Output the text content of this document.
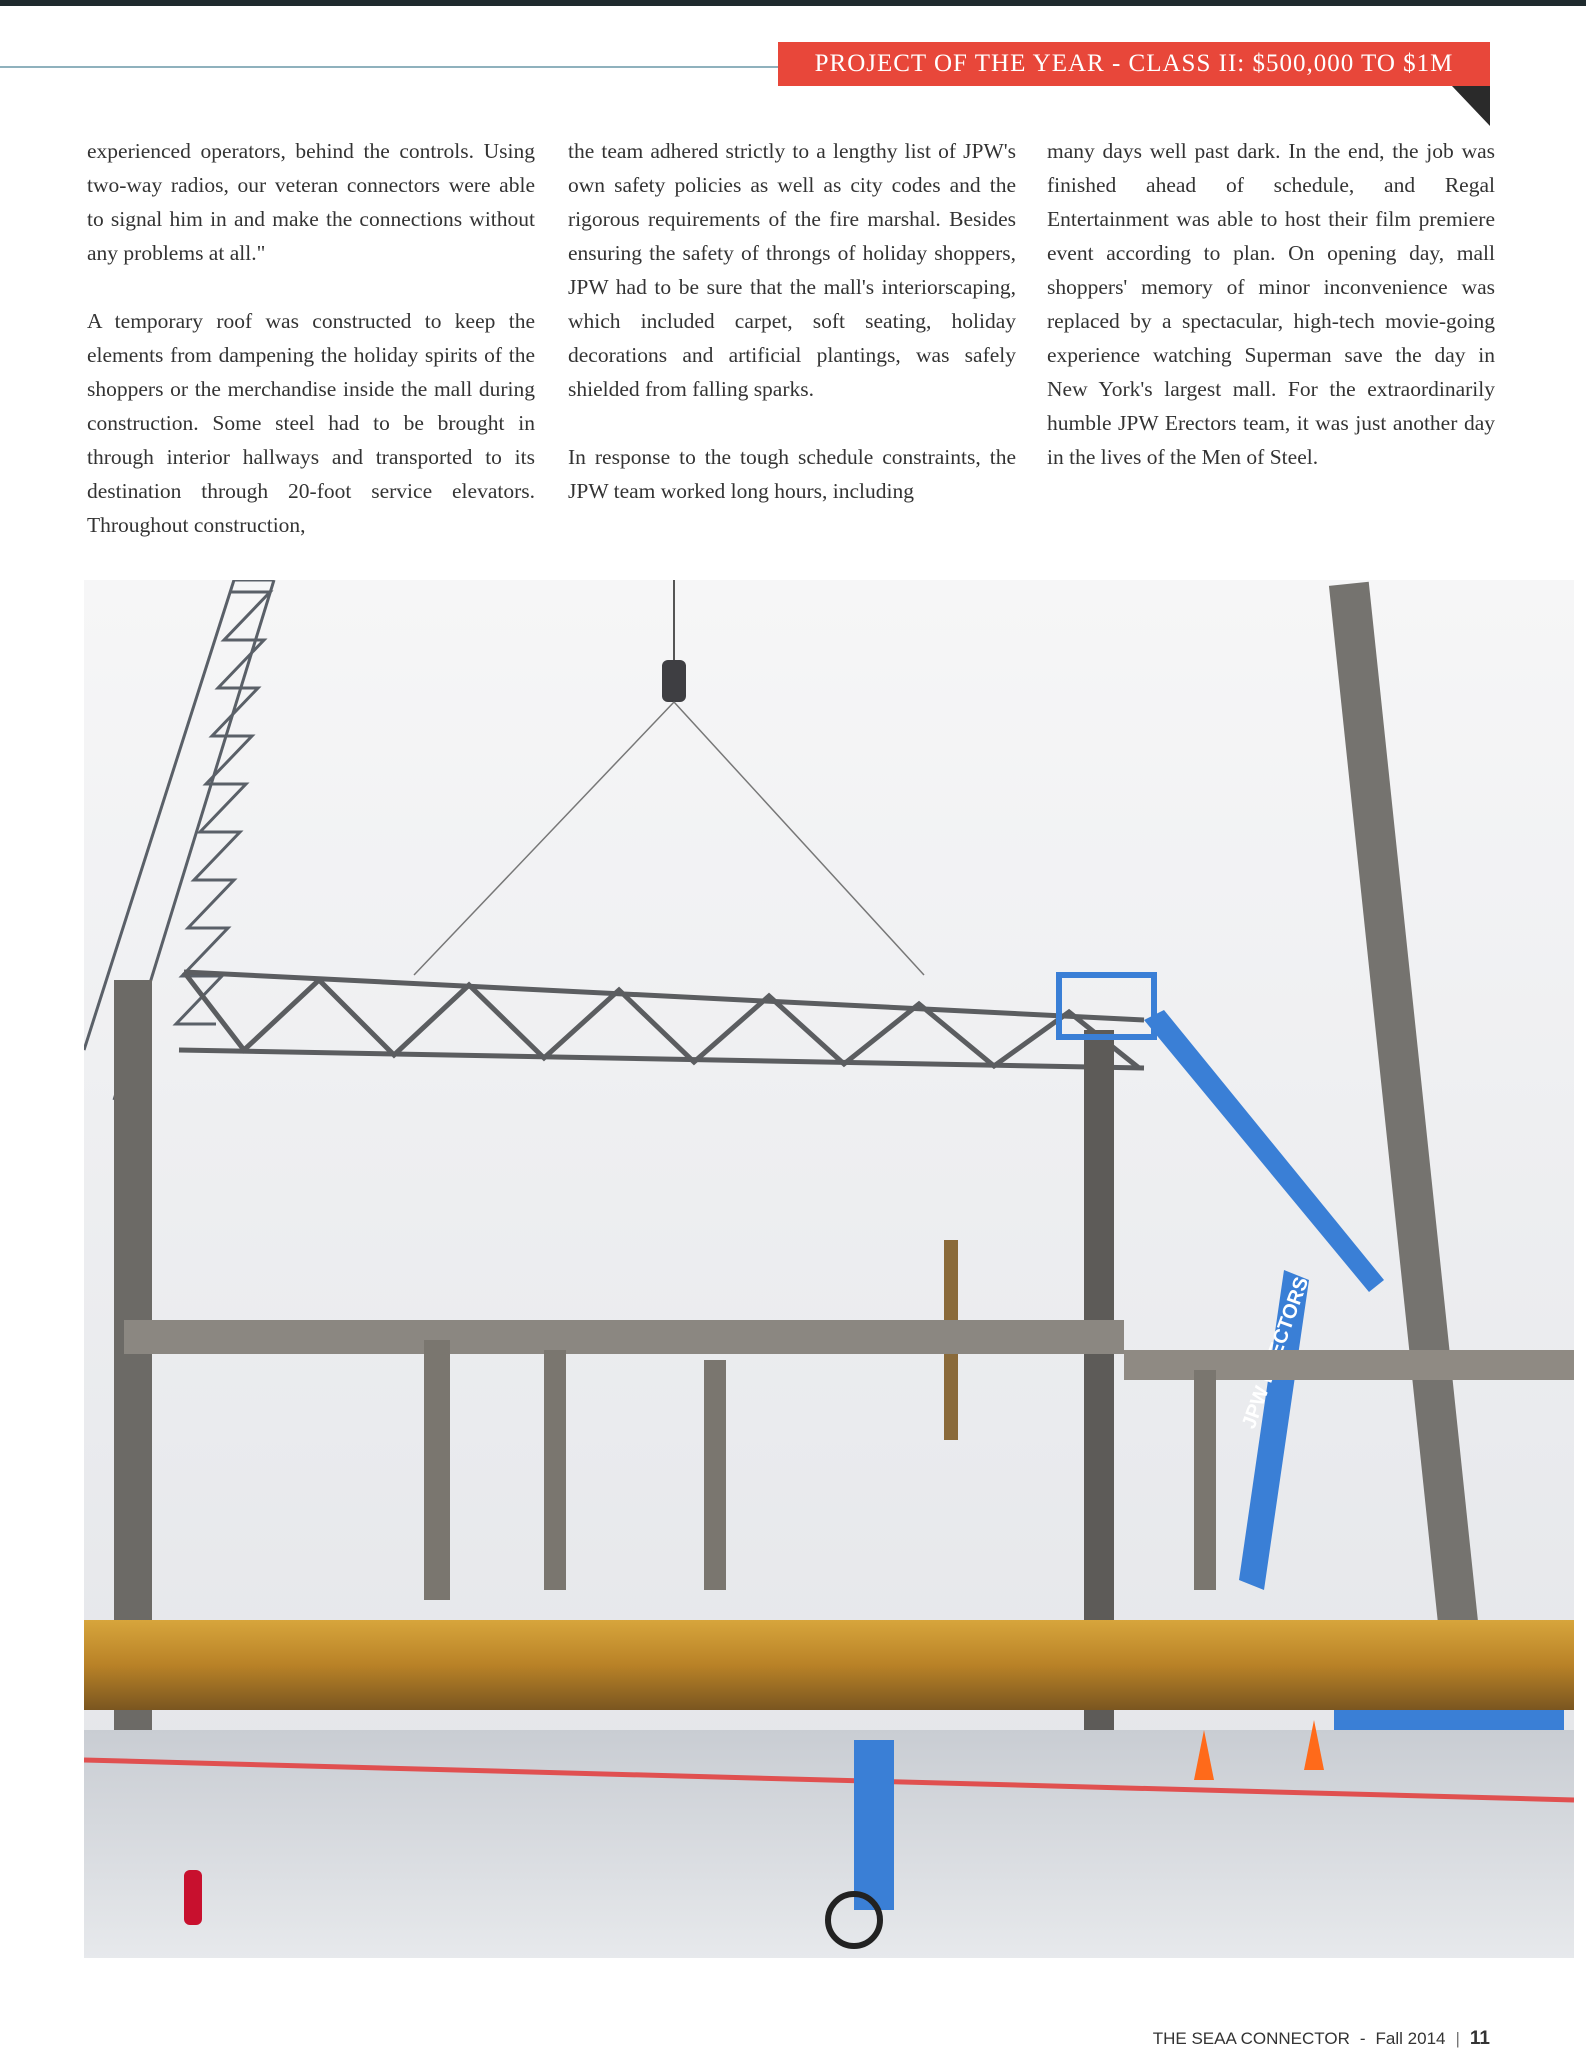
PROJECT OF THE YEAR - CLASS II: $500,000 TO $1M

experienced operators, behind the controls. Using two-way radios, our veteran connectors were able to signal him in and make the connections without any problems at all."

A temporary roof was constructed to keep the elements from dampening the holiday spirits of the shoppers or the merchandise inside the mall during construction. Some steel had to be brought in through interior hallways and transported to its destination through 20-foot service elevators. Throughout construction,

the team adhered strictly to a lengthy list of JPW's own safety policies as well as city codes and the rigorous requirements of the fire marshal. Besides ensuring the safety of throngs of holiday shoppers, JPW had to be sure that the mall's interiorscaping, which included carpet, soft seating, holiday decorations and artificial plantings, was safely shielded from falling sparks.

In response to the tough schedule constraints, the JPW team worked long hours, including

many days well past dark. In the end, the job was finished ahead of schedule, and Regal Entertainment was able to host their film premiere event according to plan. On opening day, mall shoppers' memory of minor inconvenience was replaced by a spectacular, high-tech movie-going experience watching Superman save the day in New York's largest mall. For the extraordinarily humble JPW Erectors team, it was just another day in the lives of the Men of Steel.

THE SEAA CONNECTOR - Fall 2014 | 11
